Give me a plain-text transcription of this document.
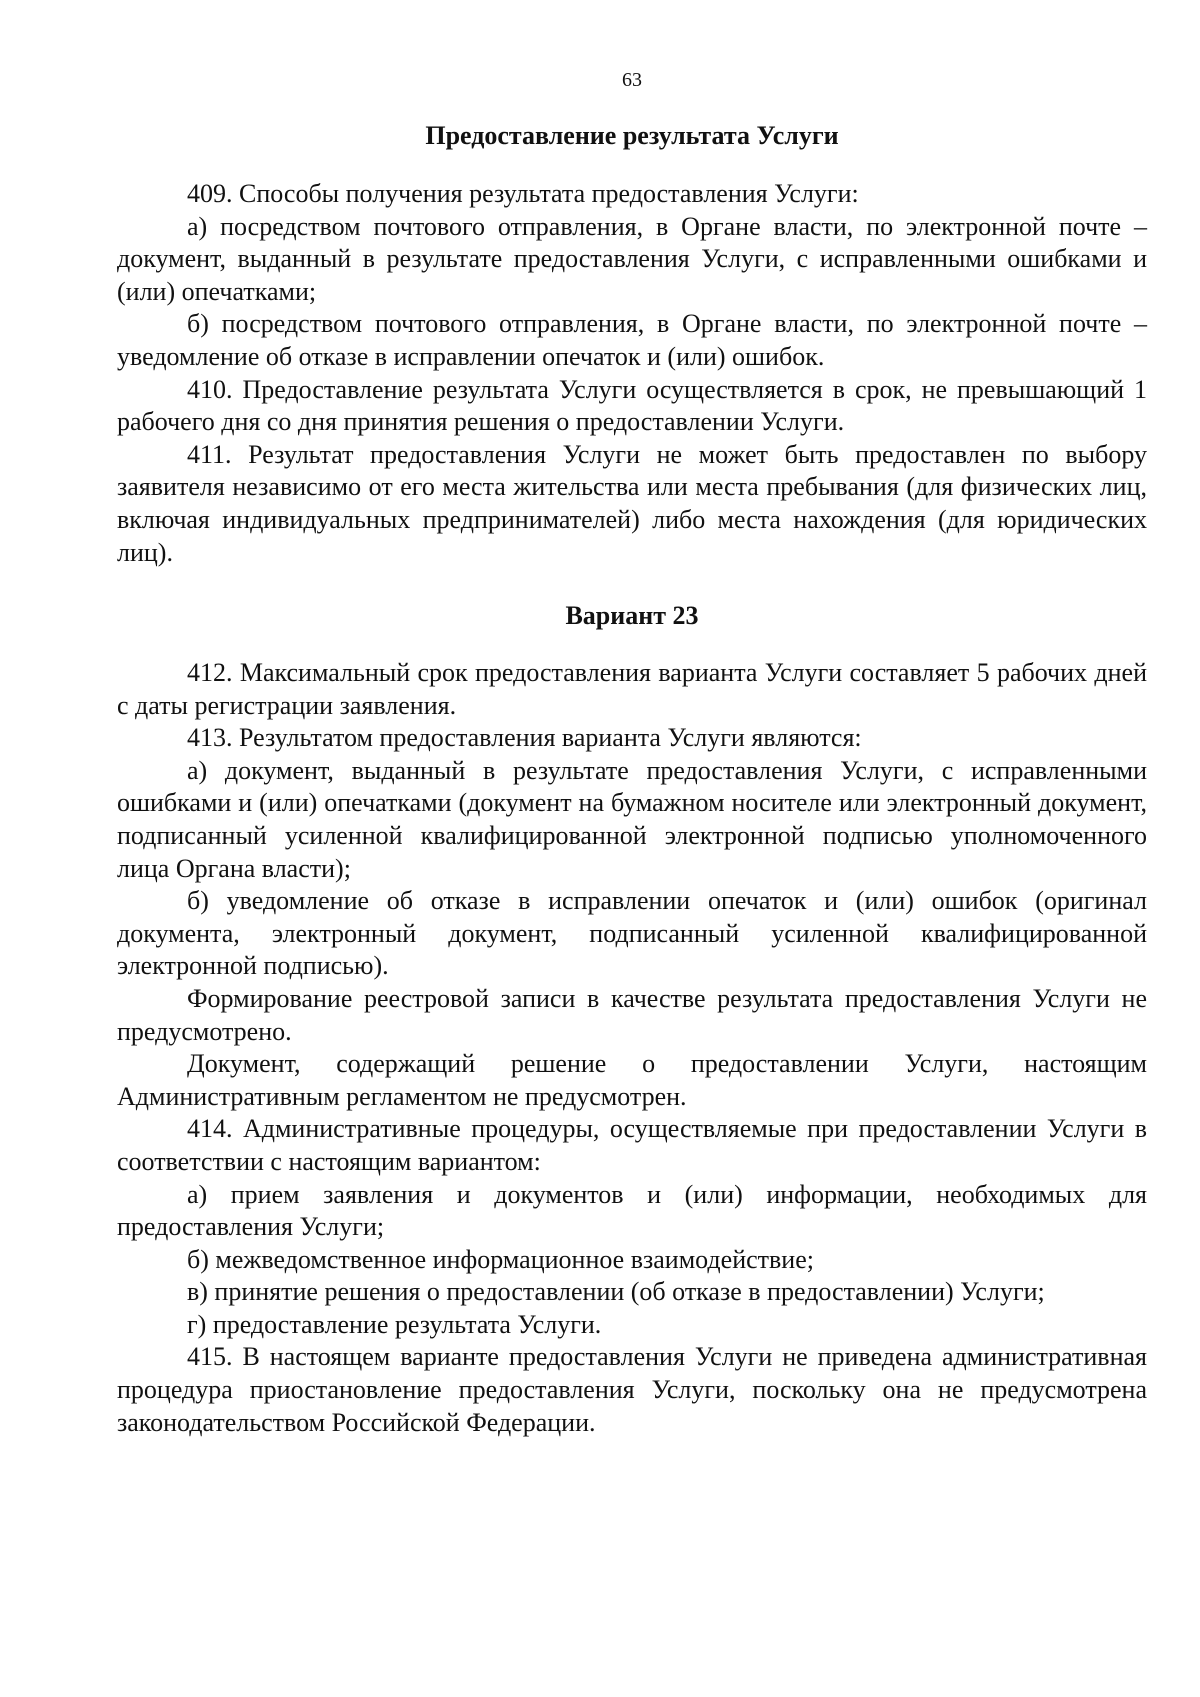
63
Предоставление результата Услуги

409. Способы получения результата предоставления Услуги:

а) посредством почтового отправления, в Органе власти, по электронной почте – документ, выданный в результате предоставления Услуги, с исправленными ошибками и (или) опечатками;

б) посредством почтового отправления, в Органе власти, по электронной почте – уведомление об отказе в исправлении опечаток и (или) ошибок.

410. Предоставление результата Услуги осуществляется в срок, не превышающий 1 рабочего дня со дня принятия решения о предоставлении Услуги.

411. Результат предоставления Услуги не может быть предоставлен по выбору заявителя независимо от его места жительства или места пребывания (для физических лиц, включая индивидуальных предпринимателей) либо места нахождения (для юридических лиц).

Вариант 23

412. Максимальный срок предоставления варианта Услуги составляет 5 рабочих дней с даты регистрации заявления.

413. Результатом предоставления варианта Услуги являются:

а) документ, выданный в результате предоставления Услуги, с исправленными ошибками и (или) опечатками (документ на бумажном носителе или электронный документ, подписанный усиленной квалифицированной электронной подписью уполномоченного лица Органа власти);

б) уведомление об отказе в исправлении опечаток и (или) ошибок (оригинал документа, электронный документ, подписанный усиленной квалифицированной электронной подписью).

Формирование реестровой записи в качестве результата предоставления Услуги не предусмотрено.

Документ, содержащий решение о предоставлении Услуги, настоящим Административным регламентом не предусмотрен.

414. Административные процедуры, осуществляемые при предоставлении Услуги в соответствии с настоящим вариантом:

а) прием заявления и документов и (или) информации, необходимых для предоставления Услуги;

б) межведомственное информационное взаимодействие;

в) принятие решения о предоставлении (об отказе в предоставлении) Услуги;

г) предоставление результата Услуги.

415. В настоящем варианте предоставления Услуги не приведена административная процедура приостановление предоставления Услуги, поскольку она не предусмотрена законодательством Российской Федерации.
